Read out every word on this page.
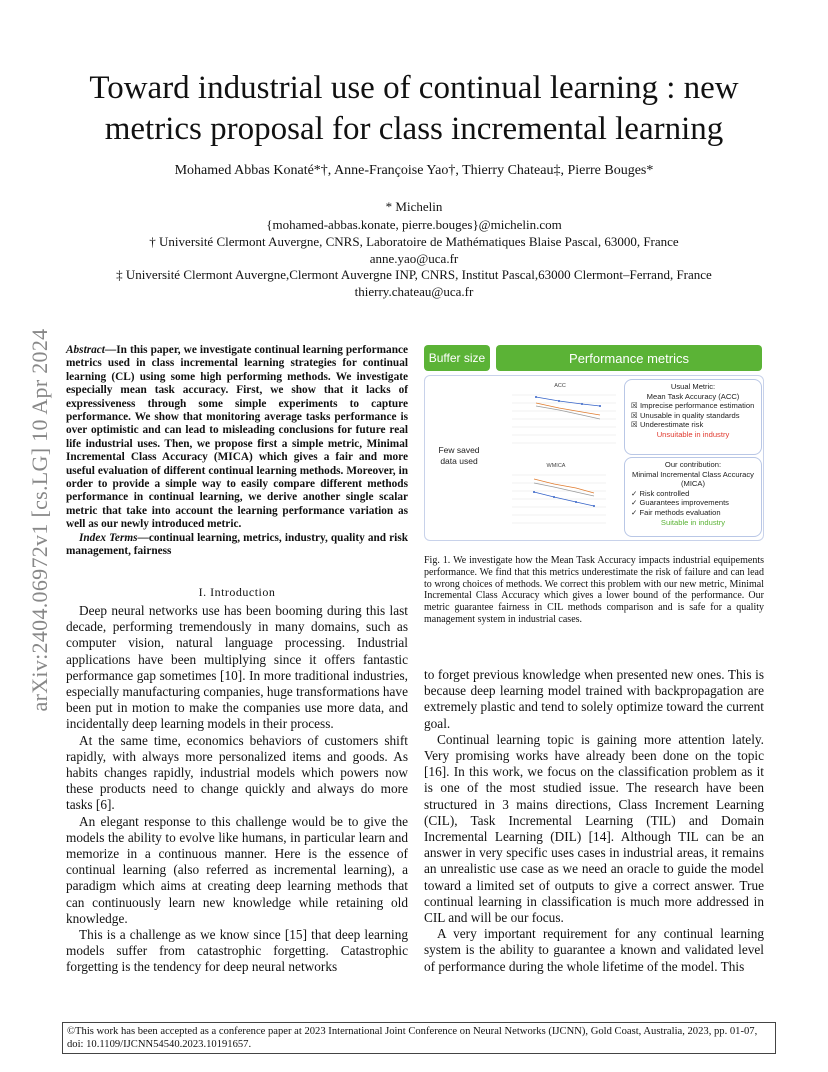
arXiv:2404.06972v1 [cs.LG] 10 Apr 2024
Toward industrial use of continual learning : new
metrics proposal for class incremental learning
Mohamed Abbas Konaté*†, Anne-Françoise Yao†, Thierry Chateau‡, Pierre Bouges*
* Michelin
{mohamed-abbas.konate, pierre.bouges}@michelin.com
† Université Clermont Auvergne, CNRS, Laboratoire de Mathématiques Blaise Pascal, 63000, France
anne.yao@uca.fr
‡ Université Clermont Auvergne,Clermont Auvergne INP, CNRS, Institut Pascal,63000 Clermont–Ferrand, France
thierry.chateau@uca.fr

Abstract—In this paper, we investigate continual learning performance metrics used in class incremental learning strategies for continual learning (CL) using some high performing methods. We investigate especially mean task accuracy. First, we show that it lacks of expressiveness through some simple experiments to capture performance. We show that monitoring average tasks performance is over optimistic and can lead to misleading conclusions for future real life industrial uses. Then, we propose first a simple metric, Minimal Incremental Class Accuracy (MICA) which gives a fair and more useful evaluation of different continual learning methods. Moreover, in order to provide a simple way to easily compare different methods performance in continual learning, we derive another single scalar metric that take into account the learning performance variation as well as our newly introduced metric.

Index Terms—continual learning, metrics, industry, quality and risk management, fairness

I. Introduction

Deep neural networks use has been booming during this last decade, performing tremendously in many domains, such as computer vision, natural language processing. Industrial applications have been multiplying since it offers fantastic performance gap sometimes [10]. In more traditional industries, especially manufacturing companies, huge transformations have been put in motion to make the companies use more data, and incidentally deep learning models in their process.

At the same time, economics behaviors of customers shift rapidly, with always more personalized items and goods. As habits changes rapidly, industrial models which powers now these products need to change quickly and always do more tasks [6].

An elegant response to this challenge would be to give the models the ability to evolve like humans, in particular learn and memorize in a continuous manner. Here is the essence of continual learning (also referred as incremental learning), a paradigm which aims at creating deep learning methods that can continuously learn new knowledge while retaining old knowledge.

This is a challenge as we know since [15] that deep learning models suffer from catastrophic forgetting. Catastrophic forgetting is the tendency for deep neural networks

Buffer size	Performance metrics
Few saved data used
ACC
WMICA
Usual Metric:
Mean Task Accuracy (ACC)
☒ Imprecise performance estimation
☒ Unusable in quality standards
☒ Underestimate risk
Unsuitable in industry
Our contribution:
Minimal Incremental Class Accuracy (MICA)
✓ Risk controlled
✓ Guarantees improvements
✓ Fair methods evaluation
Suitable in industry
Fig. 1. We investigate how the Mean Task Accuracy impacts industrial equipements performance. We find that this metrics underestimate the risk of failure and can lead to wrong choices of methods. We correct this problem with our new metric, Minimal Incremental Class Accuracy which gives a lower bound of the performance. Our metric guarantee fairness in CIL methods comparison and is safe for a quality management system in industrial cases.

to forget previous knowledge when presented new ones. This is because deep learning model trained with backpropagation are extremely plastic and tend to solely optimize toward the current goal.

Continual learning topic is gaining more attention lately. Very promising works have already been done on the topic [16]. In this work, we focus on the classification problem as it is one of the most studied issue. The research have been structured in 3 mains directions, Class Increment Learning (CIL), Task Incremental Learning (TIL) and Domain Incremental Learning (DIL) [14]. Although TIL can be an answer in very specific uses cases in industrial areas, it remains an unrealistic use case as we need an oracle to guide the model toward a limited set of outputs to give a correct answer. True continual learning in classification is much more addressed in CIL and will be our focus.

A very important requirement for any continual learning system is the ability to guarantee a known and validated level of performance during the whole lifetime of the model. This

©This work has been accepted as a conference paper at 2023 International Joint Conference on Neural Networks (IJCNN), Gold Coast, Australia, 2023, pp. 01-07, doi: 10.1109/IJCNN54540.2023.10191657.
